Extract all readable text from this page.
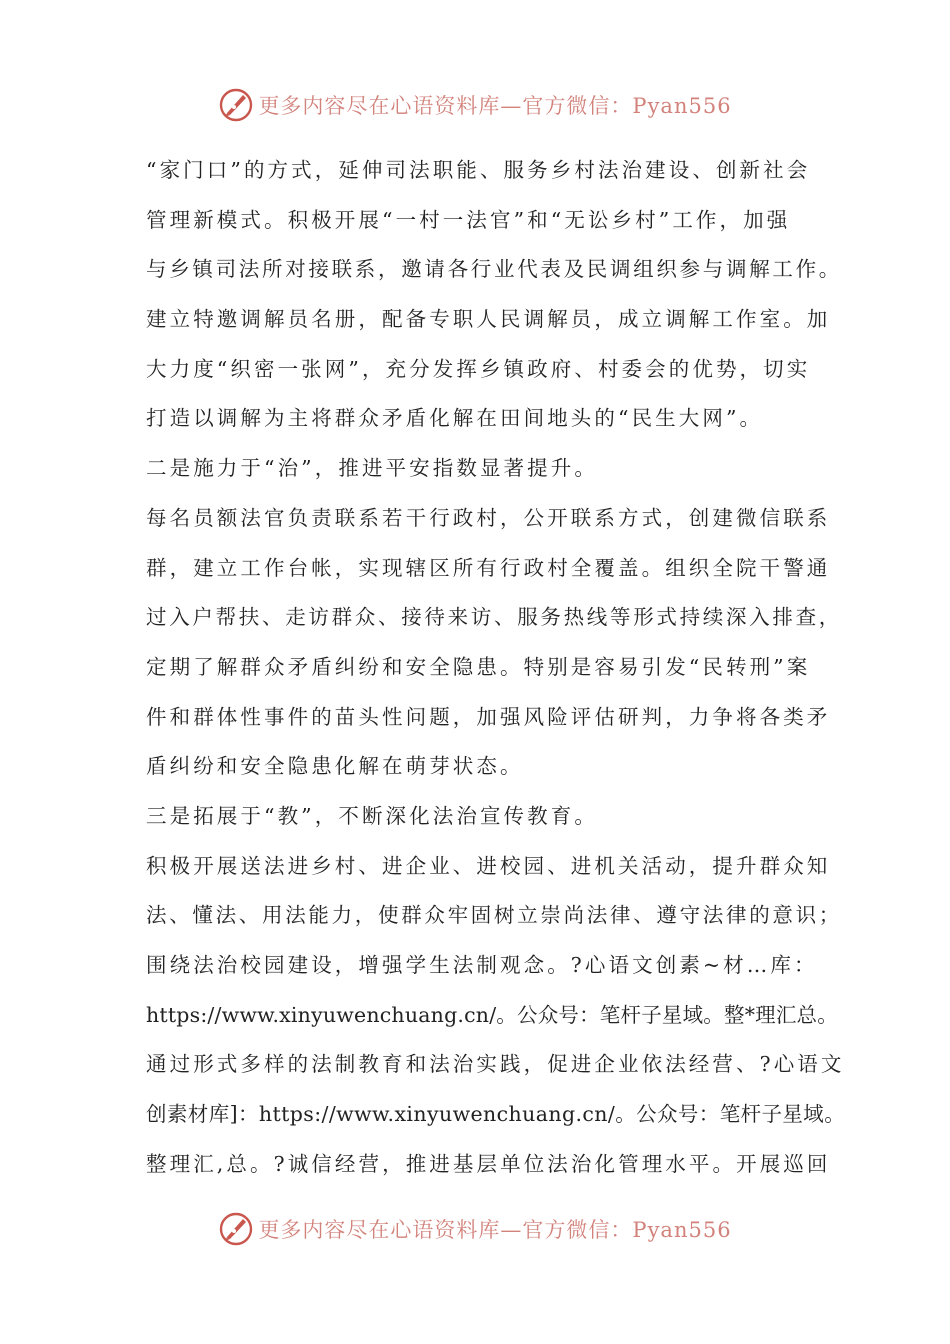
更多内容尽在心语资料库—官方微信：Pyan556
“家门口”的方式，延伸司法职能、服务乡村法治建设、创新社会
管理新模式。积极开展“一村一法官”和“无讼乡村”工作，加强
与乡镇司法所对接联系，邀请各行业代表及民调组织参与调解工作。
建立特邀调解员名册，配备专职人民调解员，成立调解工作室。加
大力度“织密一张网”，充分发挥乡镇政府、村委会的优势，切实
打造以调解为主将群众矛盾化解在田间地头的“民生大网”。
二是施力于“治”，推进平安指数显著提升。
每名员额法官负责联系若干行政村，公开联系方式，创建微信联系
群，建立工作台帐，实现辖区所有行政村全覆盖。组织全院干警通
过入户帮扶、走访群众、接待来访、服务热线等形式持续深入排查，
定期了解群众矛盾纠纷和安全隐患。特别是容易引发“民转刑”案
件和群体性事件的苗头性问题，加强风险评估研判，力争将各类矛
盾纠纷和安全隐患化解在萌芽状态。
三是拓展于“教”，不断深化法治宣传教育。
积极开展送法进乡村、进企业、进校园、进机关活动，提升群众知
法、懂法、用法能力，使群众牢固树立崇尚法律、遵守法律的意识；
围绕法治校园建设，增强学生法制观念。?心语文创素~材…库：
https://www.xinyuwenchuang.cn/。公众号：笔杆子星域。整*理汇总。
通过形式多样的法制教育和法治实践，促进企业依法经营、?心语文
创素材库]：https://www.xinyuwenchuang.cn/。公众号：笔杆子星域。
整理汇,总。?诚信经营，推进基层单位法治化管理水平。开展巡回
更多内容尽在心语资料库—官方微信：Pyan556
